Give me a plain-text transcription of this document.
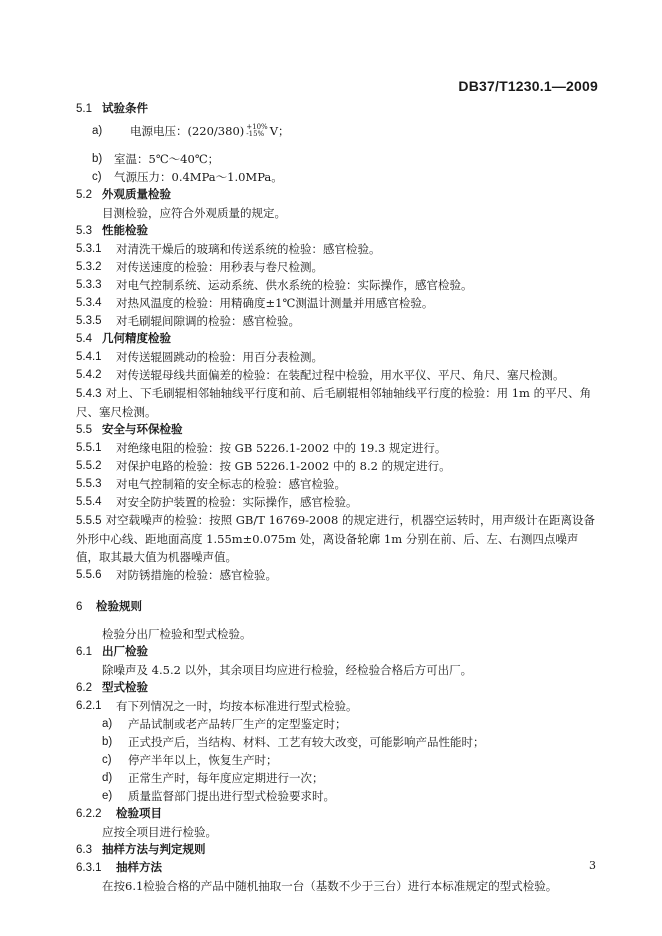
DB37/T1230.1—2009
5.1 试验条件
a)	电源电压：(220/380) +10%
-15% V；
b)	室温：5℃～40℃；
c)	气源压力：0.4MPa～1.0MPa。
5.2 外观质量检验
目测检验，应符合外观质量的规定。
5.3 性能检验
5.3.1	对清洗干燥后的玻璃和传送系统的检验：感官检验。
5.3.2	对传送速度的检验：用秒表与卷尺检测。
5.3.3	对电气控制系统、运动系统、供水系统的检验：实际操作，感官检验。
5.3.4	对热风温度的检验：用精确度±1℃测温计测量并用感官检验。
5.3.5	对毛刷辊间隙调的检验：感官检验。
5.4 几何精度检验
5.4.1	对传送辊圆跳动的检验：用百分表检测。
5.4.2	对传送辊母线共面偏差的检验：在装配过程中检验，用水平仪、平尺、角尺、塞尺检测。
5.4.3 对上、下毛刷辊相邻轴轴线平行度和前、后毛刷辊相邻轴轴线平行度的检验：用 1m 的平尺、角尺、塞尺检测。
5.5 安全与环保检验
5.5.1	对绝缘电阻的检验：按 GB 5226.1-2002 中的 19.3 规定进行。
5.5.2	对保护电路的检验：按 GB 5226.1-2002 中的 8.2 的规定进行。
5.5.3	对电气控制箱的安全标志的检验：感官检验。
5.5.4	对安全防护装置的检验：实际操作，感官检验。
5.5.5 对空载噪声的检验：按照 GB/T 16769-2008 的规定进行，机器空运转时，用声级计在距离设备外形中心线、距地面高度 1.55m±0.075m 处，离设备轮廓 1m 分别在前、后、左、右测四点噪声值，取其最大值为机器噪声值。
5.5.6	对防锈措施的检验：感官检验。
6	检验规则
检验分出厂检验和型式检验。
6.1 出厂检验
除噪声及 4.5.2 以外，其余项目均应进行检验，经检验合格后方可出厂。
6.2 型式检验
6.2.1	有下列情况之一时，均按本标准进行型式检验。
a)	产品试制或老产品转厂生产的定型鉴定时；
b)	正式投产后，当结构、材料、工艺有较大改变，可能影响产品性能时；
c)	停产半年以上，恢复生产时；
d)	正常生产时，每年度应定期进行一次；
e)	质量监督部门提出进行型式检验要求时。
6.2.2	检验项目
应按全项目进行检验。
6.3 抽样方法与判定规则
6.3.1	抽样方法
在按6.1检验合格的产品中随机抽取一台（基数不少于三台）进行本标准规定的型式检验。
3
